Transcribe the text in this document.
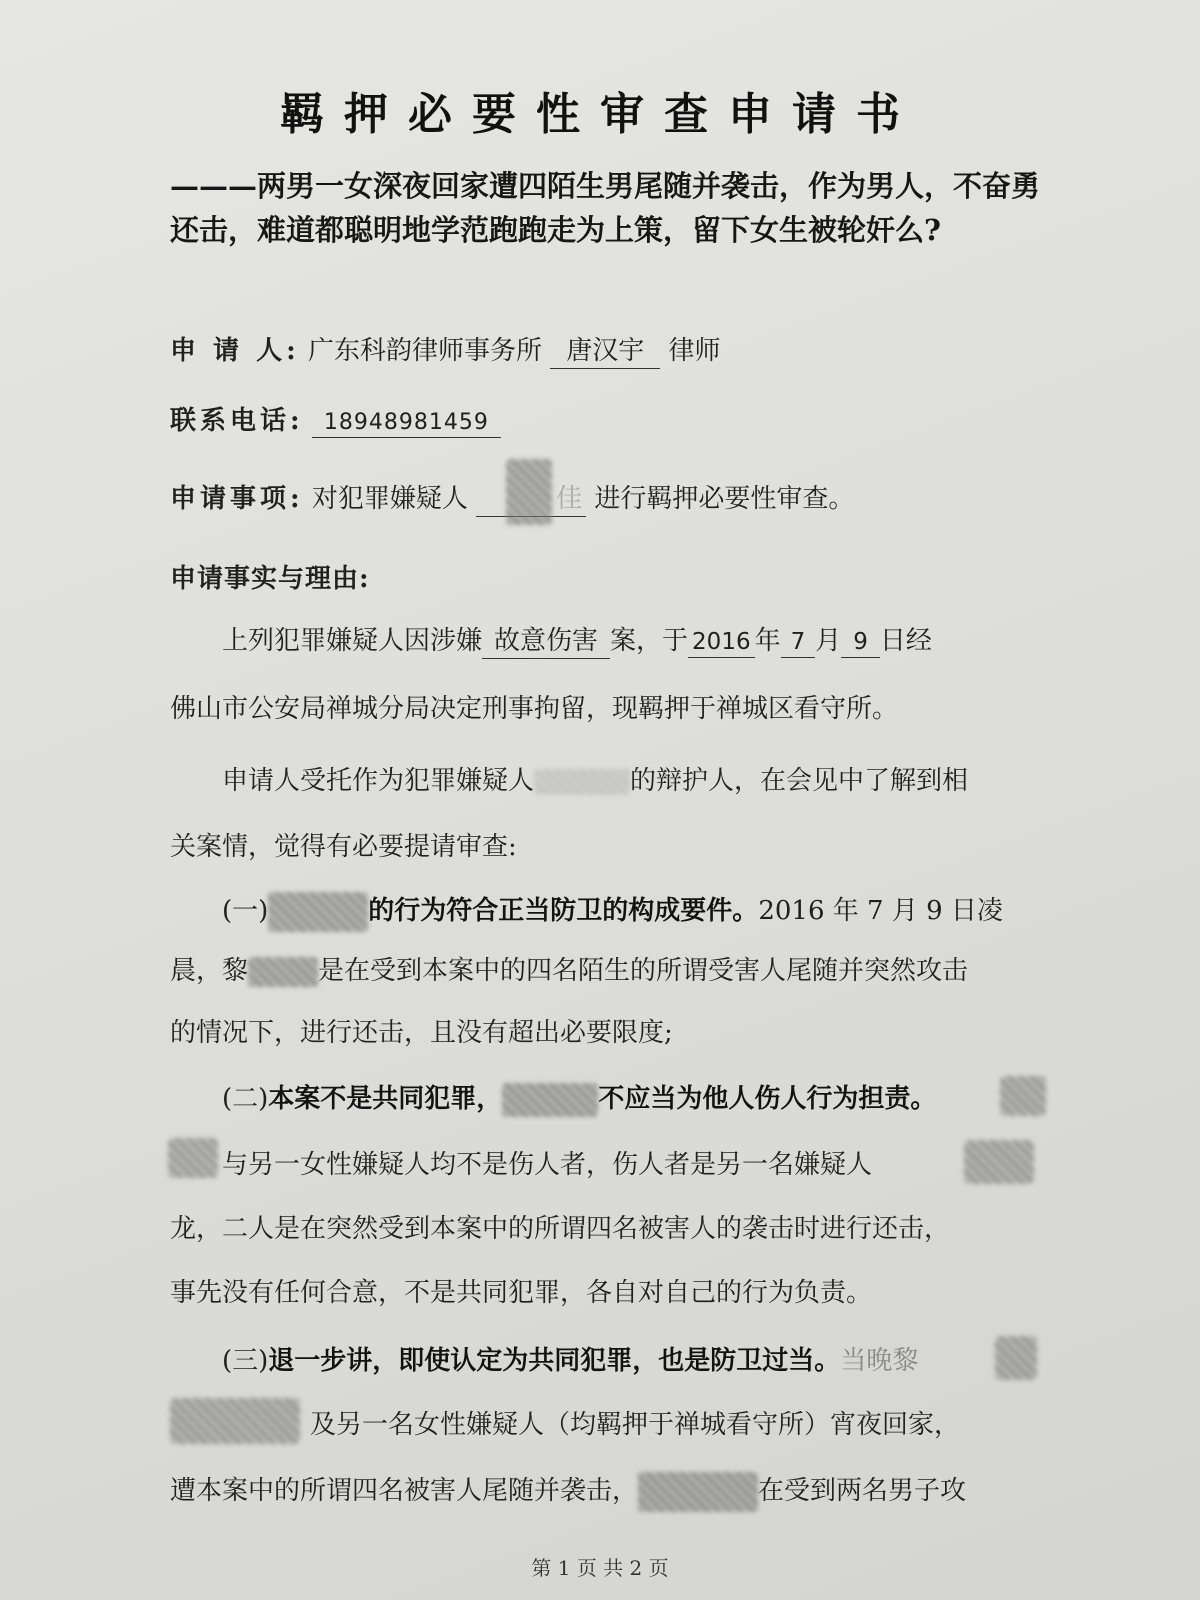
羁押必要性审查申请书
———两男一女深夜回家遭四陌生男尾随并袭击，作为男人，不奋勇还击，难道都聪明地学范跑跑走为上策，留下女生被轮奸么?
申 请 人: 广东科韵律师事务所 唐汉宇 律师
联系电话: 18948981459
申请事项: 对犯罪嫌疑人	佳 进行羁押必要性审查。
申请事实与理由:
上列犯罪嫌疑人因涉嫌 故意伤害 案，于 2016 年 7 月 9 日经
佛山市公安局禅城分局决定刑事拘留，现羁押于禅城区看守所。
申请人受托作为犯罪嫌疑人	的辩护人，在会见中了解到相
关案情，觉得有必要提请审查:
(一)	的行为符合正当防卫的构成要件。2016 年 7 月 9 日凌
晨，黎	是在受到本案中的四名陌生的所谓受害人尾随并突然攻击
的情况下，进行还击，且没有超出必要限度;
(二)本案不是共同犯罪，	不应当为他人伤人行为担责。
与另一女性嫌疑人均不是伤人者，伤人者是另一名嫌疑人
龙，二人是在突然受到本案中的所谓四名被害人的袭击时进行还击，
事先没有任何合意，不是共同犯罪，各自对自己的行为负责。
(三)退一步讲，即使认定为共同犯罪，也是防卫过当。当晚黎
及另一名女性嫌疑人（均羁押于禅城看守所）宵夜回家，
遭本案中的所谓四名被害人尾随并袭击，	在受到两名男子攻
第 1 页 共 2 页
